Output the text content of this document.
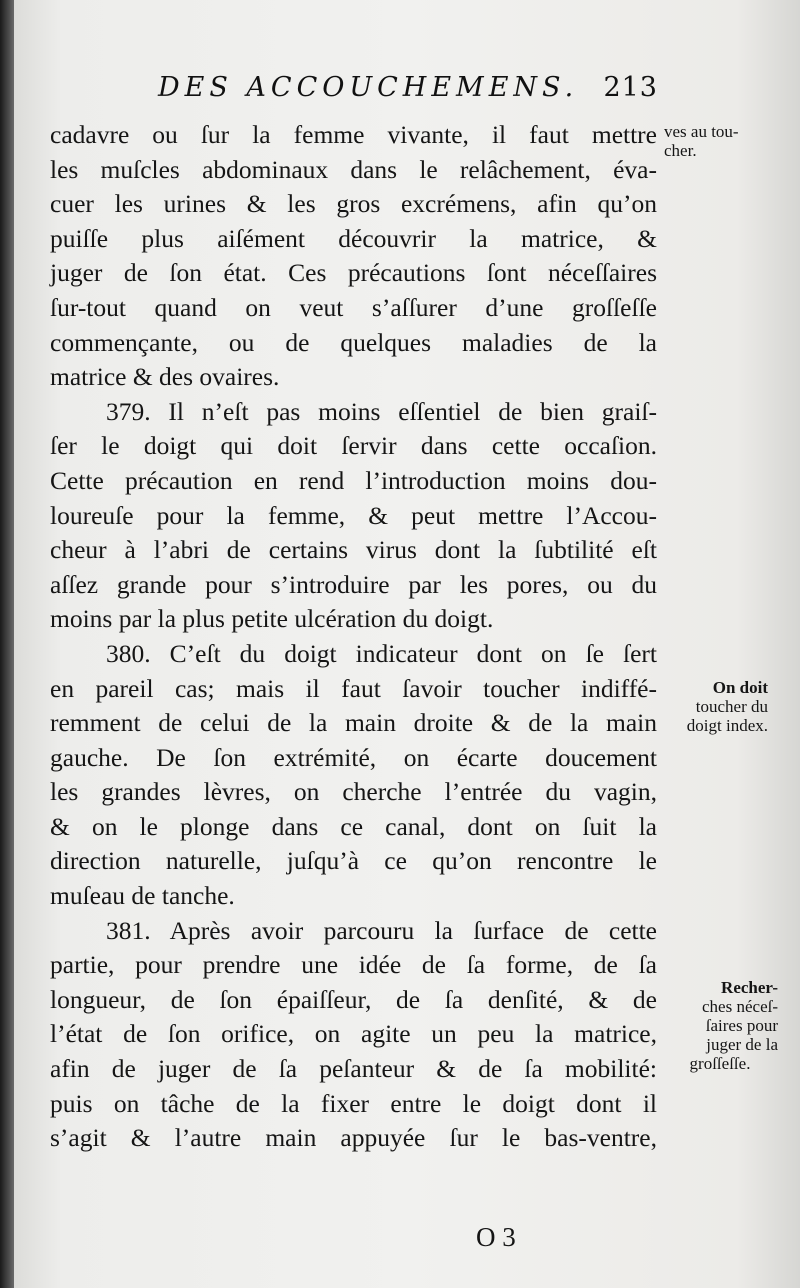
DES ACCOUCHEMENS. 213
cadavre ou ſur la femme vivante, il faut mettre
les muſcles abdominaux dans le relâchement, éva-
cuer les urines & les gros excrémens, afin qu’on
puiſſe plus aiſément découvrir la matrice, &
juger de ſon état. Ces précautions ſont néceſſaires
ſur-tout quand on veut s’aſſurer d’une groſſeſſe
commençante, ou de quelques maladies de la
matrice & des ovaires.
379. Il n’eſt pas moins eſſentiel de bien graiſ-
ſer le doigt qui doit ſervir dans cette occaſion.
Cette précaution en rend l’introduction moins dou-
loureuſe pour la femme, & peut mettre l’Accou-
cheur à l’abri de certains virus dont la ſubtilité eſt
aſſez grande pour s’introduire par les pores, ou du
moins par la plus petite ulcération du doigt.
380. C’eſt du doigt indicateur dont on ſe ſert
en pareil cas; mais il faut ſavoir toucher indiffé-
remment de celui de la main droite & de la main
gauche. De ſon extrémité, on écarte doucement
les grandes lèvres, on cherche l’entrée du vagin,
& on le plonge dans ce canal, dont on ſuit la
direction naturelle, juſqu’à ce qu’on rencontre le
muſeau de tanche.
381. Après avoir parcouru la ſurface de cette
partie, pour prendre une idée de ſa forme, de ſa
longueur, de ſon épaiſſeur, de ſa denſité, & de
l’état de ſon orifice, on agite un peu la matrice,
afin de juger de ſa peſanteur & de ſa mobilité:
puis on tâche de la fixer entre le doigt dont il
s’agit & l’autre main appuyée ſur le bas-ventre,
ves au tou-
cher.
On doit
toucher du
doigt index.
Recher-
ches néceſ-
ſaires pour
juger de la
groſſeſſe.
O 3
